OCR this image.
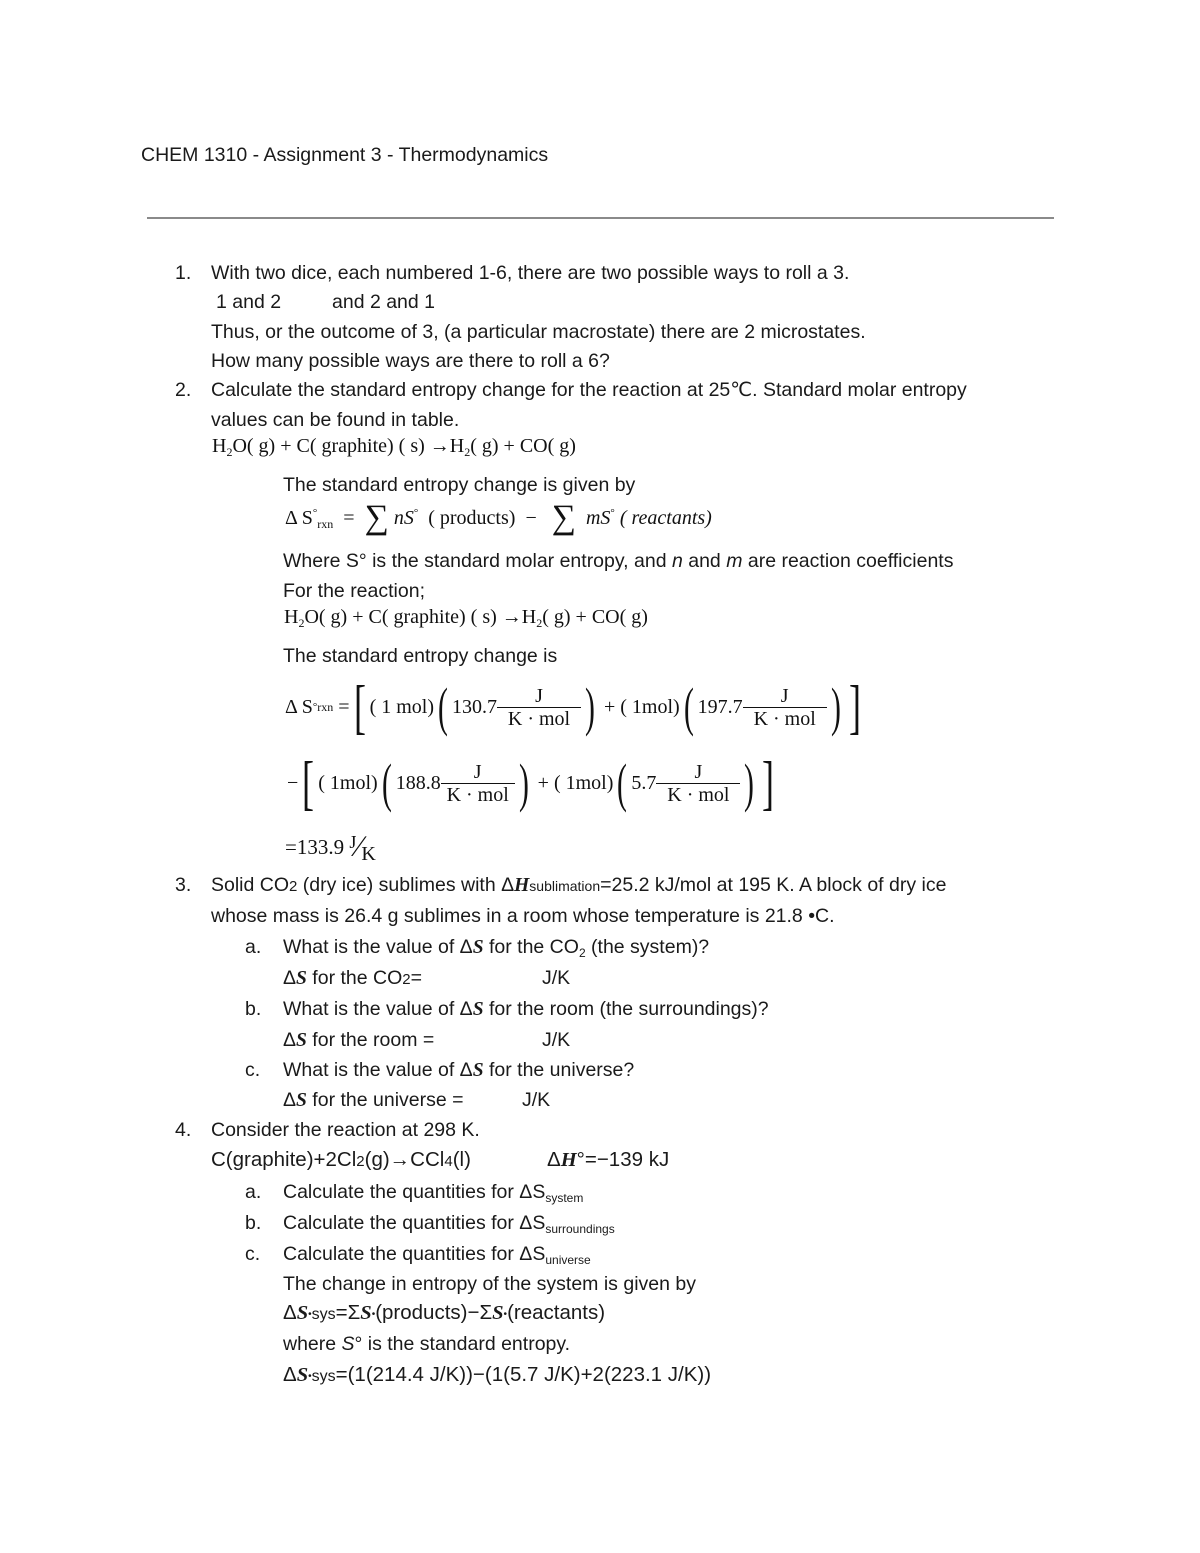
CHEM 1310 - Assignment 3 - Thermodynamics
1. With two dice, each numbered 1-6, there are two possible ways to roll a 3.
1 and 2	and 2 and 1
Thus, or the outcome of 3, (a particular macrostate) there are 2 microstates.
How many possible ways are there to roll a 6?
2. Calculate the standard entropy change for the reaction at 25℃. Standard molar entropy
values can be found in table.
$H_2O$( g) + C( graphite) ( $s) \to H_2$( g) + CO( g)
The standard entropy change is given by
Δ $S^\circ_{rxn}$ = ∑ nS° ( products) − ∑ mS° ( reactants)
Where S° is the standard molar entropy, and n and m are reaction coefficients
For the reaction;
$H_2O$( g) + C( graphite) ( $s) \to H_2$( g) + CO( g)
The standard entropy change is
Δ S ° rxn
= [ ( 1 mol) ( $130.7 \frac{J}{\text{K · mol}}$ )
+
( 1mol) ( $197.7 \frac{J}{\text{K · mol}}$ ) ]
− [ ( 1mol) ( $188.8 \frac{J}{\text{K · mol}}$ )
+
( 1mol) ( $5.7 \frac{J}{\text{K · mol}}$ ) ]
=133.9 J∕K
3. Solid CO2 (dry ice) sublimes with ΔHsublimation=25.2 kJ/mol at 195 K. A block of dry ice
whose mass is 26.4 g sublimes in a room whose temperature is 21.8 •C.
a. What is the value of ΔS for the $CO_2$ (the system)?
ΔS for the CO2=	J/K
b. What is the value of ΔS for the room (the surroundings)?
ΔS for the room =	J/K
c. What is the value of ΔS for the universe?
ΔS for the universe =	J/K
4. Consider the reaction at 298 K.
C(graphite)+2Cl2(g)→CCl4(l)	ΔH°=−139 kJ
a. Calculate the quantities for $\Delta S_{system}$
b. Calculate the quantities for $\Delta S_{surroundings}$
c. Calculate the quantities for $\Delta S_{universe}$
The change in entropy of the system is given by
ΔS•sys=ΣS•(products)−ΣS•(reactants)
where S° is the standard entropy.
ΔS•sys=(1(214.4 J/K))−(1(5.7 J/K)+2(223.1 J/K))
